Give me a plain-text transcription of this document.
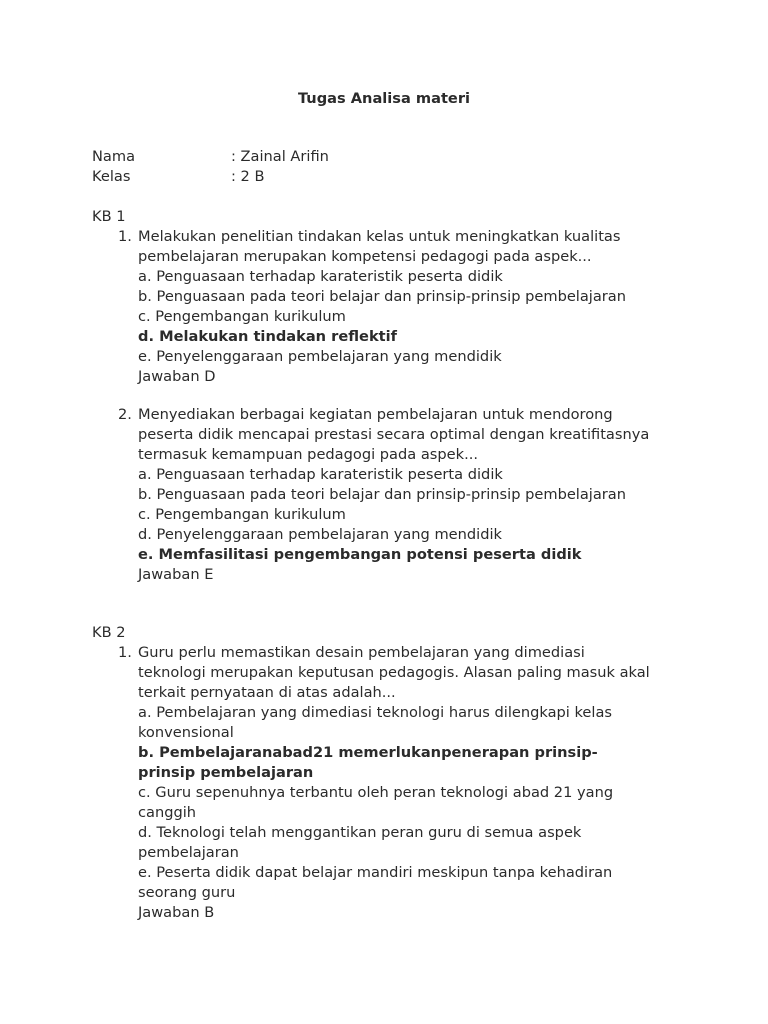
Tugas Analisa materi
Nama	: Zainal Arifin
Kelas	: 2 B
KB 1
1. Melakukan penelitian tindakan kelas untuk meningkatkan kualitas
pembelajaran merupakan kompetensi pedagogi pada aspek...
a. Penguasaan terhadap karateristik peserta didik
b. Penguasaan pada teori belajar dan prinsip-prinsip pembelajaran
c. Pengembangan kurikulum
d. Melakukan tindakan reflektif
e. Penyelenggaraan pembelajaran yang mendidik
Jawaban D
2. Menyediakan berbagai kegiatan pembelajaran untuk mendorong
peserta didik mencapai prestasi secara optimal dengan kreatifitasnya
termasuk kemampuan pedagogi pada aspek...
a. Penguasaan terhadap karateristik peserta didik
b. Penguasaan pada teori belajar dan prinsip-prinsip pembelajaran
c. Pengembangan kurikulum
d. Penyelenggaraan pembelajaran yang mendidik
e. Memfasilitasi pengembangan potensi peserta didik
Jawaban E
KB 2
1. Guru perlu memastikan desain pembelajaran yang dimediasi
teknologi merupakan keputusan pedagogis. Alasan paling masuk akal
terkait pernyataan di atas adalah...
a. Pembelajaran yang dimediasi teknologi harus dilengkapi kelas
konvensional
b. Pembelajaranabad21 memerlukanpenerapan prinsip-
prinsip pembelajaran
c. Guru sepenuhnya terbantu oleh peran teknologi abad 21 yang
canggih
d. Teknologi telah menggantikan peran guru di semua aspek
pembelajaran
e. Peserta didik dapat belajar mandiri meskipun tanpa kehadiran
seorang guru
Jawaban B
